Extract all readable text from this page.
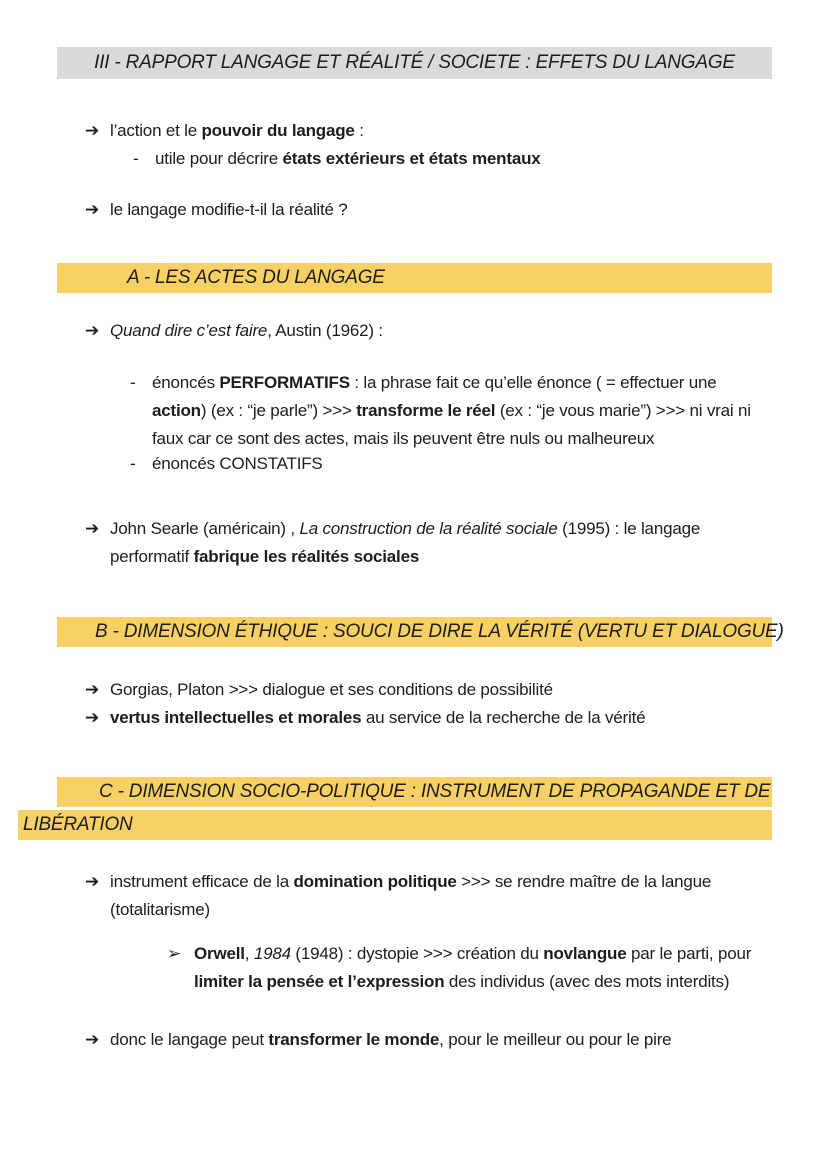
III - RAPPORT LANGAGE ET RÉALITÉ / SOCIETE : EFFETS DU LANGAGE
➔ l’action et le pouvoir du langage :
- utile pour décrire états extérieurs et états mentaux
➔ le langage modifie-t-il la réalité ?
A - LES ACTES DU LANGAGE
➔ Quand dire c’est faire, Austin (1962) :
- énoncés PERFORMATIFS : la phrase fait ce qu’elle énonce ( = effectuer une action) (ex : “je parle”) >>> transforme le réel (ex : “je vous marie”) >>> ni vrai ni faux car ce sont des actes, mais ils peuvent être nuls ou malheureux
- énoncés CONSTATIFS
➔ John Searle (américain) , La construction de la réalité sociale (1995) : le langage performatif fabrique les réalités sociales
B - DIMENSION ÉTHIQUE : SOUCI DE DIRE LA VÉRITÉ (VERTU ET DIALOGUE)
➔ Gorgias, Platon >>> dialogue et ses conditions de possibilité
➔ vertus intellectuelles et morales au service de la recherche de la vérité
C - DIMENSION SOCIO-POLITIQUE : INSTRUMENT DE PROPAGANDE ET DE
LIBÉRATION
➔ instrument efficace de la domination politique >>> se rendre maître de la langue (totalitarisme)
➢ Orwell, 1984 (1948) : dystopie >>> création du novlangue par le parti, pour limiter la pensée et l’expression des individus (avec des mots interdits)
➔ donc le langage peut transformer le monde, pour le meilleur ou pour le pire
